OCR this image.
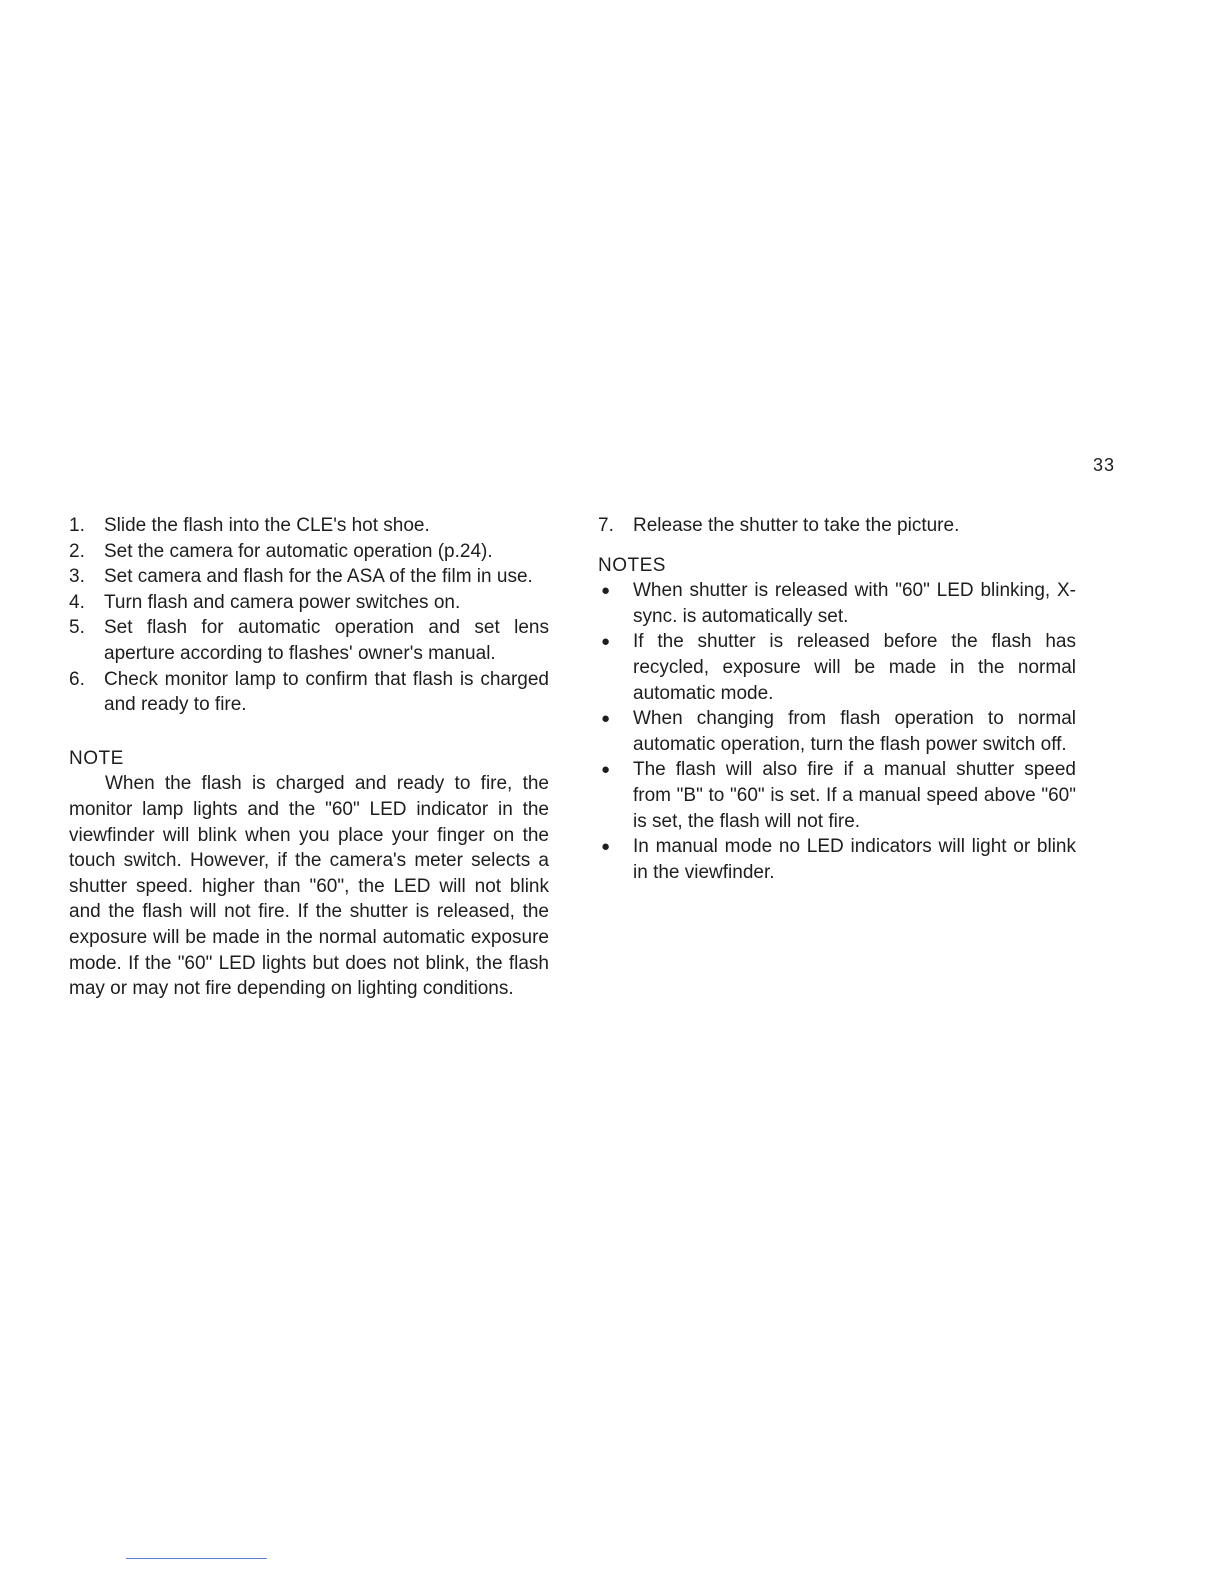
33
1. Slide the flash into the CLE's hot shoe.
2. Set the camera for automatic operation (p.24).
3. Set camera and flash for the ASA of the film in use.
4. Turn flash and camera power switches on.
5. Set flash for automatic operation and set lens aperture according to flashes' owner's manual.
6. Check monitor lamp to confirm that flash is charged and ready to fire.
NOTE

When the flash is charged and ready to fire, the monitor lamp lights and the "60" LED indicator in the viewfinder will blink when you place your finger on the touch switch. However, if the camera's meter selects a shutter speed. higher than "60", the LED will not blink and the flash will not fire. If the shutter is released, the exposure will be made in the normal automatic exposure mode. If the "60" LED lights but does not blink, the flash may or may not fire depending on lighting conditions.

7. Release the shutter to take the picture.
NOTES
● When shutter is released with "60" LED blinking, X-sync. is automatically set.
● If the shutter is released before the flash has recycled, exposure will be made in the normal automatic mode.
● When changing from flash operation to normal automatic operation, turn the flash power switch off.
● The flash will also fire if a manual shutter speed from "B" to "60" is set. If a manual speed above "60" is set, the flash will not fire.
● In manual mode no LED indicators will light or blink in the viewfinder.
